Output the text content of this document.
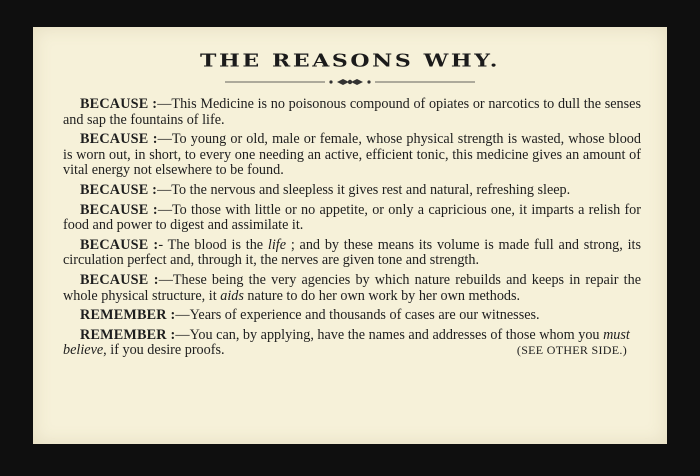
THE REASONS WHY.

BECAUSE :—This Medicine is no poisonous compound of opiates or narcotics to dull the senses and sap the fountains of life.

BECAUSE :—To young or old, male or female, whose physical strength is wasted, whose blood is worn out, in short, to every one needing an active, efficient tonic, this medicine gives an amount of vital energy not elsewhere to be found.

BECAUSE :—To the nervous and sleepless it gives rest and natural, refreshing sleep.

BECAUSE :—To those with little or no appetite, or only a capricious one, it imparts a relish for food and power to digest and assimilate it.

BECAUSE :- The blood is the life ; and by these means its volume is made full and strong, its circulation perfect and, through it, the nerves are given tone and strength.

BECAUSE :—These being the very agencies by which nature rebuilds and keeps in repair the whole physical structure, it aids nature to do her own work by her own methods.

REMEMBER :—Years of experience and thousands of cases are our witnesses.

REMEMBER :—You can, by applying, have the names and addresses of those whom you must believe, if you desire proofs.	(SEE OTHER SIDE.)
